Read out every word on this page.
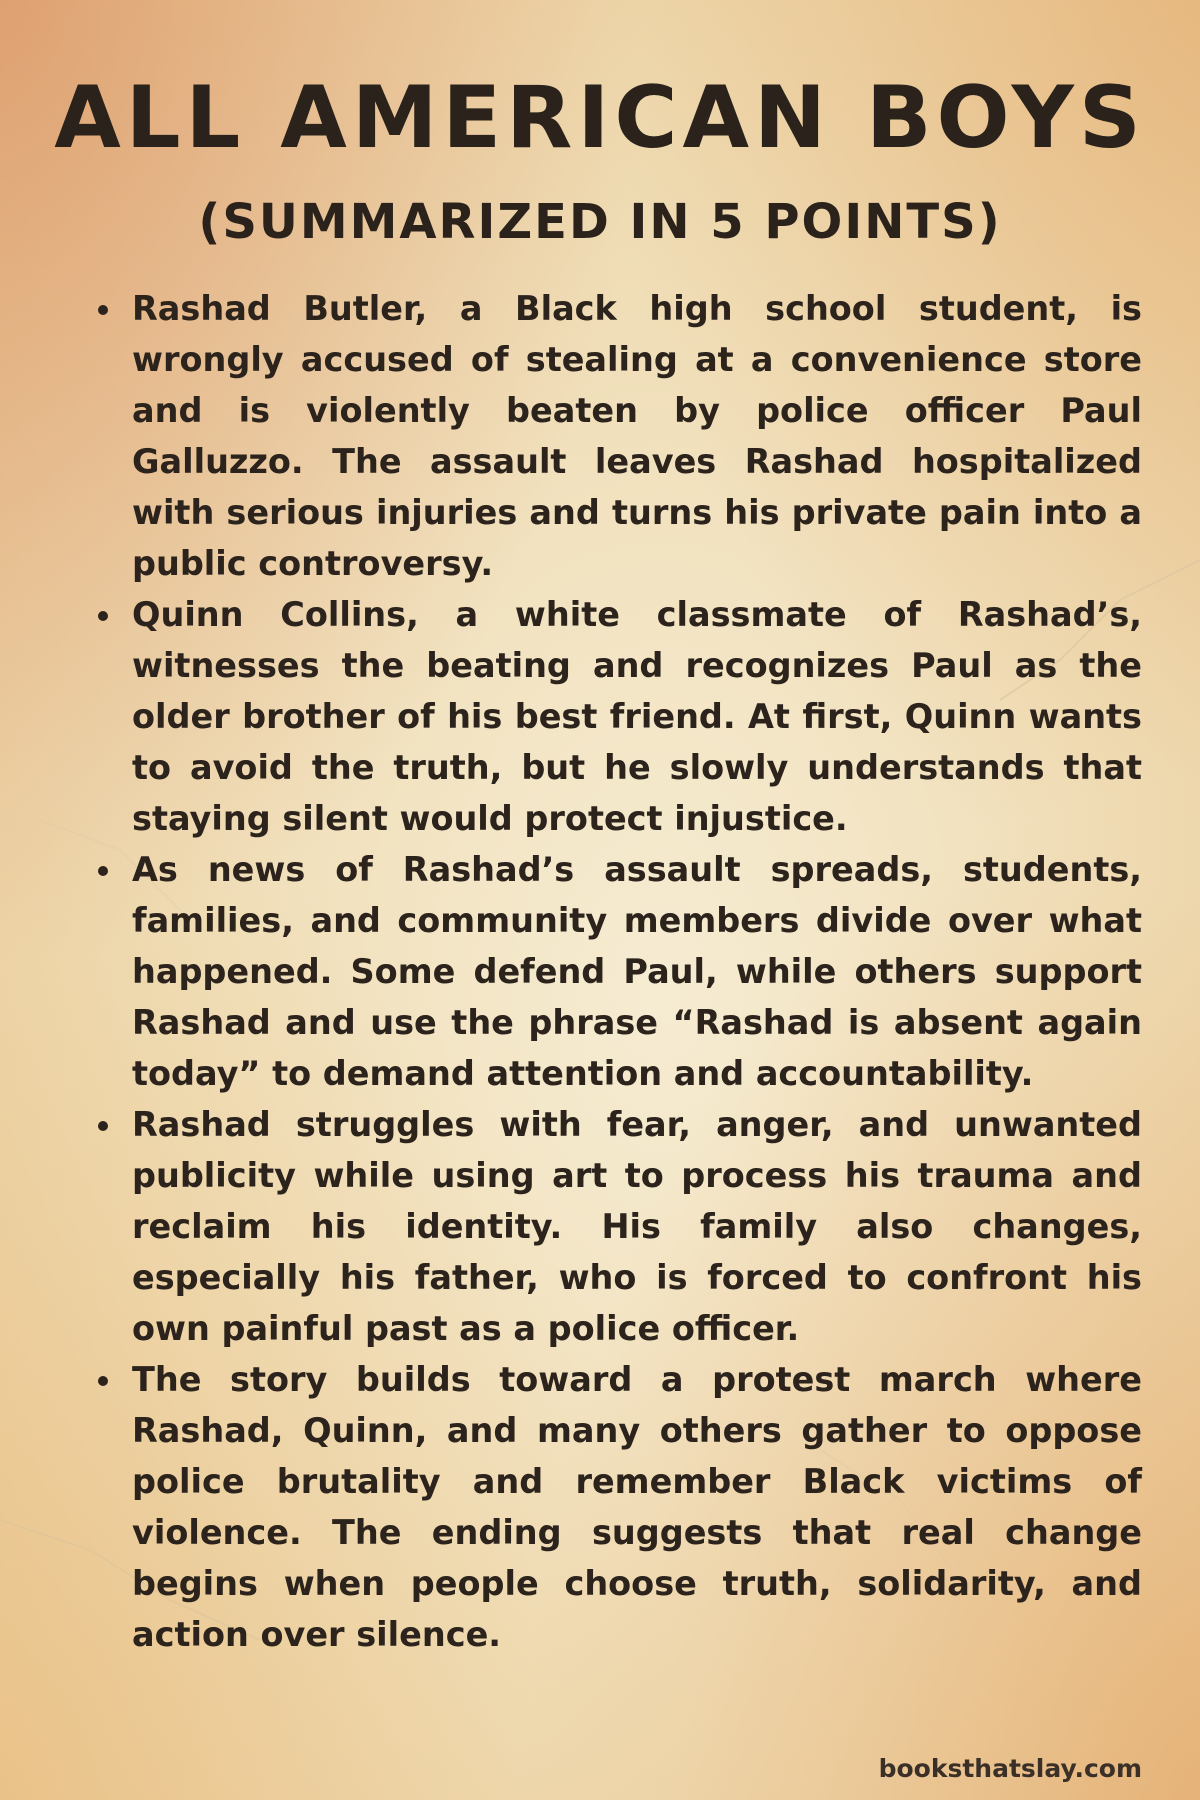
ALL AMERICAN BOYS
(SUMMARIZED IN 5 POINTS)
Rashad Butler, a Black high school student, is wrongly accused of stealing at a convenience store and is violently beaten by police officer Paul Galluzzo. The assault leaves Rashad hospitalized with serious injuries and turns his private pain into a public controversy.
Quinn Collins, a white classmate of Rashad’s, witnesses the beating and recognizes Paul as the older brother of his best friend. At first, Quinn wants to avoid the truth, but he slowly understands that staying silent would protect injustice.
As news of Rashad’s assault spreads, students, families, and community members divide over what happened. Some defend Paul, while others support Rashad and use the phrase “Rashad is absent again today” to demand attention and accountability.
Rashad struggles with fear, anger, and unwanted publicity while using art to process his trauma and reclaim his identity. His family also changes, especially his father, who is forced to confront his own painful past as a police officer.
The story builds toward a protest march where Rashad, Quinn, and many others gather to oppose police brutality and remember Black victims of violence. The ending suggests that real change begins when people choose truth, solidarity, and action over silence.
booksthatslay.com
